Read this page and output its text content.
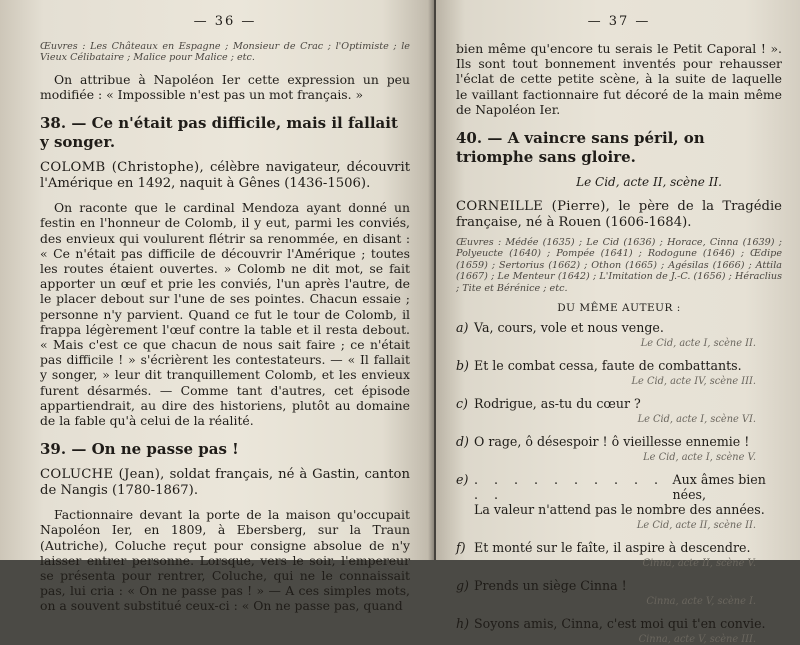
— 36 —

Œuvres : Les Châteaux en Espagne ; Monsieur de Crac ; l'Optimiste ; le Vieux Célibataire ; Malice pour Malice ; etc.

On attribue à Napoléon Ier cette expression un peu modifiée : « Impossible n'est pas un mot français. »

38. — Ce n'était pas difficile, mais il fallait y songer.

COLOMB (Christophe), célèbre navigateur, découvrit l'Amérique en 1492, naquit à Gênes (1436-1506).

On raconte que le cardinal Mendoza ayant donné un festin en l'honneur de Colomb, il y eut, parmi les conviés, des envieux qui voulurent flétrir sa renommée, en disant : « Ce n'était pas difficile de découvrir l'Amérique ; toutes les routes étaient ouvertes. » Colomb ne dit mot, se fait apporter un œuf et prie les conviés, l'un après l'autre, de le placer debout sur l'une de ses pointes. Chacun essaie ; personne n'y parvient. Quand ce fut le tour de Colomb, il frappa légèrement l'œuf contre la table et il resta debout. « Mais c'est ce que chacun de nous sait faire ; ce n'était pas difficile ! » s'écrièrent les contestateurs. — « Il fallait y songer, » leur dit tranquillement Colomb, et les envieux furent désarmés. — Comme tant d'autres, cet épisode appartiendrait, au dire des historiens, plutôt au domaine de la fable qu'à celui de la réalité.

39. — On ne passe pas !

COLUCHE (Jean), soldat français, né à Gastin, canton de Nangis (1780-1867).

Factionnaire devant la porte de la maison qu'occupait Napoléon Ier, en 1809, à Ebersberg, sur la Traun (Autriche), Coluche reçut pour consigne absolue de n'y laisser entrer personne. Lorsque, vers le soir, l'empereur se présenta pour rentrer, Coluche, qui ne le connaissait pas, lui cria : « On ne passe pas ! » — A ces simples mots, on a souvent substitué ceux-ci : « On ne passe pas, quand

— 37 —

bien même qu'encore tu serais le Petit Caporal ! ». Ils sont tout bonnement inventés pour rehausser l'éclat de cette petite scène, à la suite de laquelle le vaillant factionnaire fut décoré de la main même de Napoléon Ier.

40. — A vaincre sans péril, on triomphe sans gloire.
Le Cid, acte II, scène II.

CORNEILLE (Pierre), le père de la Tragédie française, né à Rouen (1606-1684).

Œuvres : Médée (1635) ; Le Cid (1636) ; Horace, Cinna (1639) ; Polyeucte (1640) ; Pompée (1641) ; Rodogune (1646) ; Œdipe (1659) ; Sertorius (1662) ; Othon (1665) ; Agésilas (1666) ; Attila (1667) ; Le Menteur (1642) ; L'Imitation de J.-C. (1656) ; Héraclius ; Tite et Bérénice ; etc.

DU MÊME AUTEUR :
a) Va, cours, vole et nous venge.
Le Cid, acte I, scène II.
b) Et le combat cessa, faute de combattants.
Le Cid, acte IV, scène III.
c) Rodrigue, as-tu du cœur ?
Le Cid, acte I, scène VI.
d) O rage, ô désespoir ! ô vieillesse ennemie !
Le Cid, acte I, scène V.
e) . . . . . . . . . . . .
Aux âmes bien nées,
La valeur n'attend pas le nombre des années.
Le Cid, acte II, scène II.
f) Et monté sur le faîte, il aspire à descendre.
Cinna, acte II, scène V.
g) Prends un siège Cinna !
Cinna, acte V, scène I.
h) Soyons amis, Cinna, c'est moi qui t'en convie.
Cinna, acte V, scène III.
